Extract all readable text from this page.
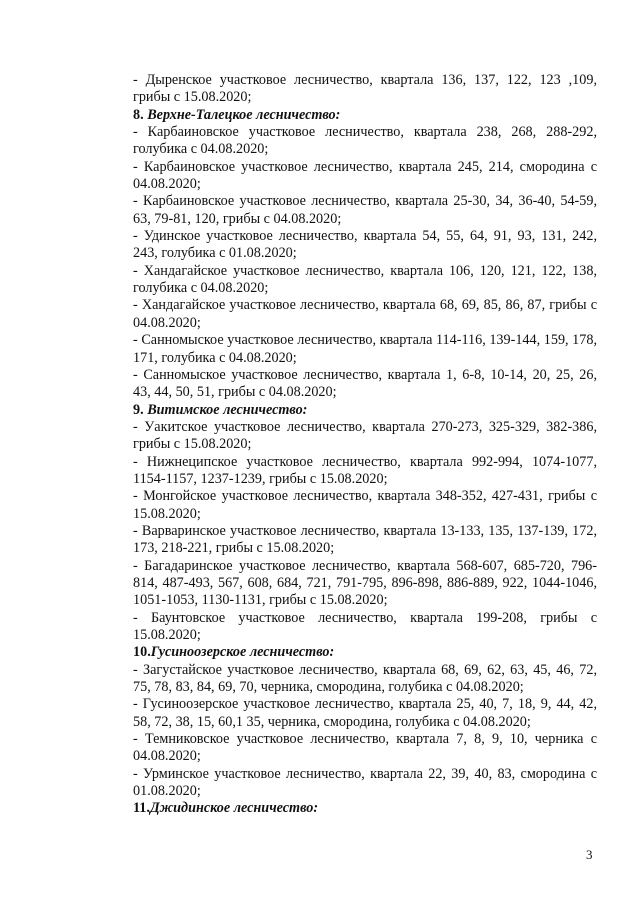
- Дыренское участковое лесничество, квартала 136, 137, 122, 123 ,109, грибы с 15.08.2020;
8. Верхне-Талецкое лесничество:
- Карбаиновское участковое лесничество, квартала 238, 268, 288-292, голубика с 04.08.2020;
- Карбаиновское участковое лесничество, квартала 245, 214, смородина с 04.08.2020;
- Карбаиновское участковое лесничество, квартала 25-30, 34, 36-40, 54-59, 63, 79-81, 120, грибы с 04.08.2020;
- Удинское участковое лесничество, квартала 54, 55, 64, 91, 93, 131, 242, 243, голубика с 01.08.2020;
- Хандагайское участковое лесничество, квартала 106, 120, 121, 122, 138, голубика с 04.08.2020;
- Хандагайское участковое лесничество, квартала 68, 69, 85, 86, 87, грибы с 04.08.2020;
- Санномыское участковое лесничество, квартала 114-116, 139-144, 159, 178, 171, голубика с 04.08.2020;
- Санномыское участковое лесничество, квартала 1, 6-8, 10-14, 20, 25, 26, 43, 44, 50, 51, грибы с 04.08.2020;
9. Витимское лесничество:
- Уакитское участковое лесничество, квартала 270-273, 325-329, 382-386, грибы с 15.08.2020;
- Нижнеципское участковое лесничество, квартала 992-994, 1074-1077, 1154-1157, 1237-1239, грибы с 15.08.2020;
- Монгойское участковое лесничество, квартала 348-352, 427-431, грибы с 15.08.2020;
- Варваринское участковое лесничество, квартала 13-133, 135, 137-139, 172, 173, 218-221, грибы с 15.08.2020;
- Багадаринское участковое лесничество, квартала 568-607, 685-720, 796-814, 487-493, 567, 608, 684, 721, 791-795, 896-898, 886-889, 922, 1044-1046, 1051-1053, 1130-1131, грибы с 15.08.2020;
- Баунтовское участковое лесничество, квартала 199-208, грибы с 15.08.2020;
10.Гусиноозерское лесничество:
- Загустайское участковое лесничество, квартала 68, 69, 62, 63, 45, 46, 72, 75, 78, 83, 84, 69, 70, черника, смородина, голубика с 04.08.2020;
- Гусиноозерское участковое лесничество, квартала 25, 40, 7, 18, 9, 44, 42, 58, 72, 38, 15, 60,1 35, черника, смородина, голубика с 04.08.2020;
- Темниковское участковое лесничество, квартала 7, 8, 9, 10, черника с 04.08.2020;
- Урминское участковое лесничество, квартала 22, 39, 40, 83, смородина с 01.08.2020;
11.Джидинское лесничество:
3
